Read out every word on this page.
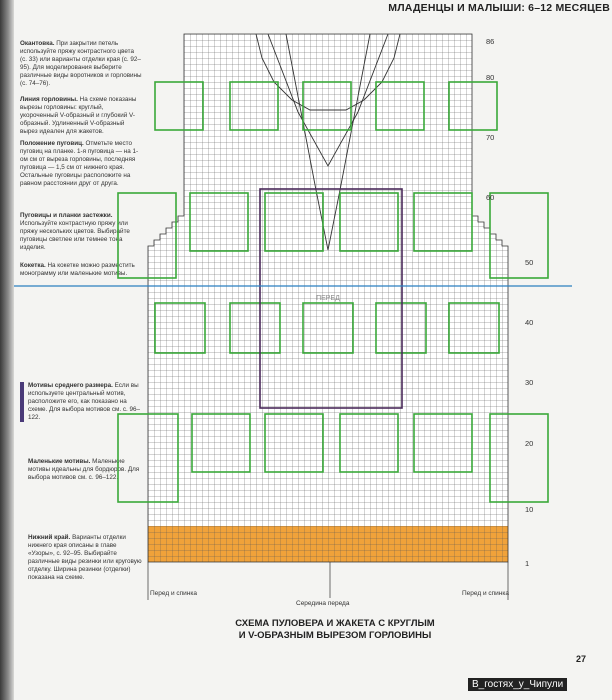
МЛАДЕНЦЫ И МАЛЫШИ: 6–12 МЕСЯЦЕВ
Окантовка. При закрытии петель используйте пряжу контрастного цвета (с. 33) или варианты отделки края (с. 92–95). Для моделирования выберите различные виды воротников и горловины (с. 74–76).
Линия горловины. На схеме показаны вырезы горловины: круглый, укороченный V-образный и глубокий V-образный. Удлиненный V-образный вырез идеален для жакетов.
Положение пуговиц. Отметьте место пуговиц на планке. 1-я пуговица — на 1-ом см от выреза горловины, последняя пуговица — 1,5 см от нижнего края. Остальные пуговицы расположите на равном расстоянии друг от друга.
Пуговицы и планки застежки. Используйте контрастную пряжу или пряжу нескольких цветов. Выбирайте пуговицы светлее или темнее тона изделия.
Кокетка. На кокетке можно разместить монограмму или маленькие мотивы.
Мотивы среднего размера. Если вы используете центральный мотив, расположите его, как показано на схеме. Для выбора мотивов см. с. 96–122.
Маленькие мотивы. Маленькие мотивы идеальны для бордюров. Для выбора мотивов см. с. 96–122.
Нижний край. Варианты отделки нижнего края описаны в главе «Узоры», с. 92–95. Выбирайте различные виды резинки или круговую отделку. Ширина резинки (отделки) показана на схеме.
ПЕРЕД
86
80
70
60
50
40
30
20
10
1
Перед и спинка
Середина переда
Перед и спинка
СХЕМА ПУЛОВЕРА И ЖАКЕТА С КРУГЛЫМ
И V-ОБРАЗНЫМ ВЫРЕЗОМ ГОРЛОВИНЫ
27
В_гостях_у_Чипули
